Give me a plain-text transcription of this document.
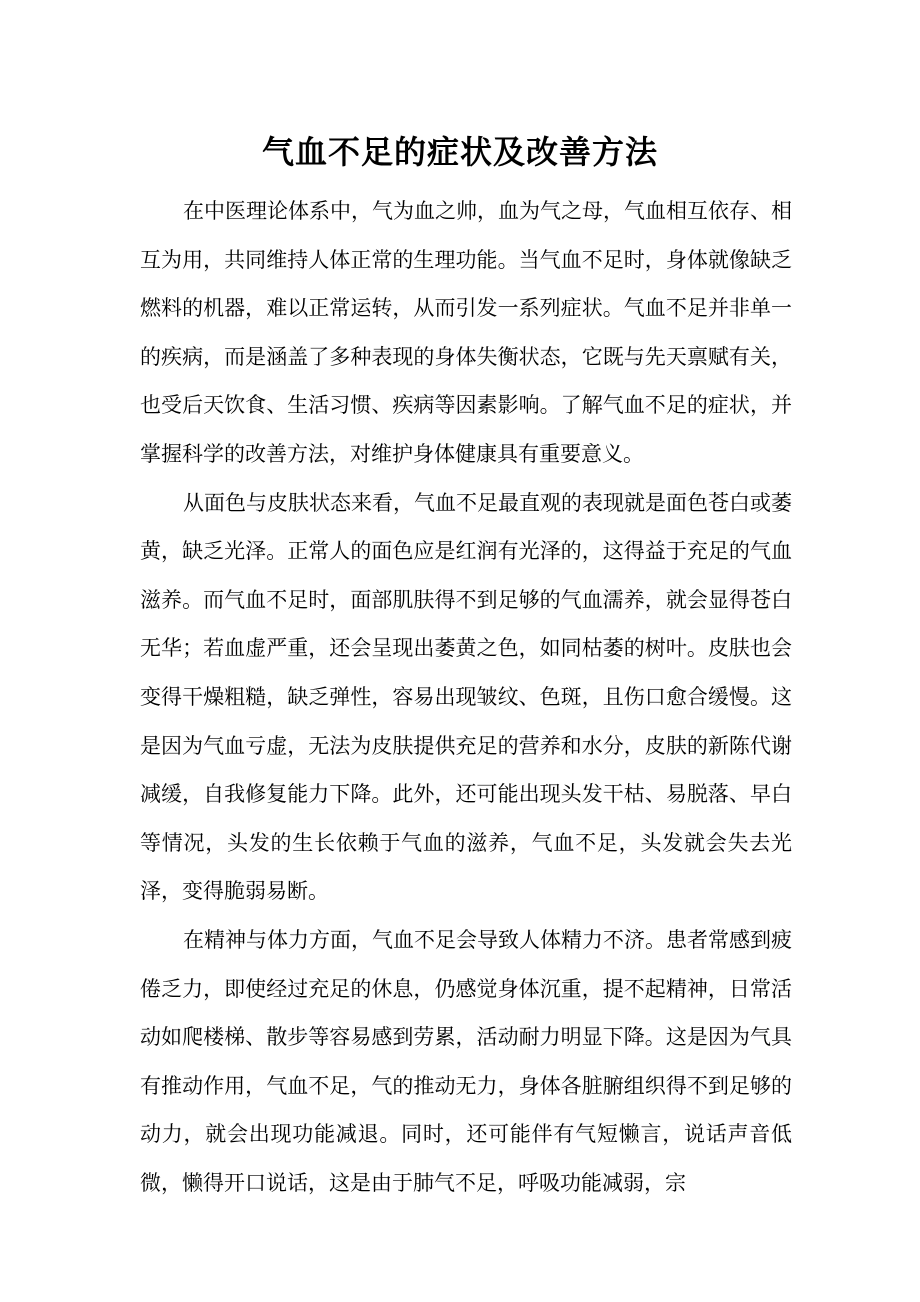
气血不足的症状及改善方法

在中医理论体系中，气为血之帅，血为气之母，气血相互依存、相互为用，共同维持人体正常的生理功能。当气血不足时，身体就像缺乏燃料的机器，难以正常运转，从而引发一系列症状。气血不足并非单一的疾病，而是涵盖了多种表现的身体失衡状态，它既与先天禀赋有关，也受后天饮食、生活习惯、疾病等因素影响。了解气血不足的症状，并掌握科学的改善方法，对维护身体健康具有重要意义。

从面色与皮肤状态来看，气血不足最直观的表现就是面色苍白或萎黄，缺乏光泽。正常人的面色应是红润有光泽的，这得益于充足的气血滋养。而气血不足时，面部肌肤得不到足够的气血濡养，就会显得苍白无华；若血虚严重，还会呈现出萎黄之色，如同枯萎的树叶。皮肤也会变得干燥粗糙，缺乏弹性，容易出现皱纹、色斑，且伤口愈合缓慢。这是因为气血亏虚，无法为皮肤提供充足的营养和水分，皮肤的新陈代谢减缓，自我修复能力下降。此外，还可能出现头发干枯、易脱落、早白等情况，头发的生长依赖于气血的滋养，气血不足，头发就会失去光泽，变得脆弱易断。

在精神与体力方面，气血不足会导致人体精力不济。患者常感到疲倦乏力，即使经过充足的休息，仍感觉身体沉重，提不起精神，日常活动如爬楼梯、散步等容易感到劳累，活动耐力明显下降。这是因为气具有推动作用，气血不足，气的推动无力，身体各脏腑组织得不到足够的动力，就会出现功能减退。同时，还可能伴有气短懒言，说话声音低微，懒得开口说话，这是由于肺气不足，呼吸功能减弱，宗
